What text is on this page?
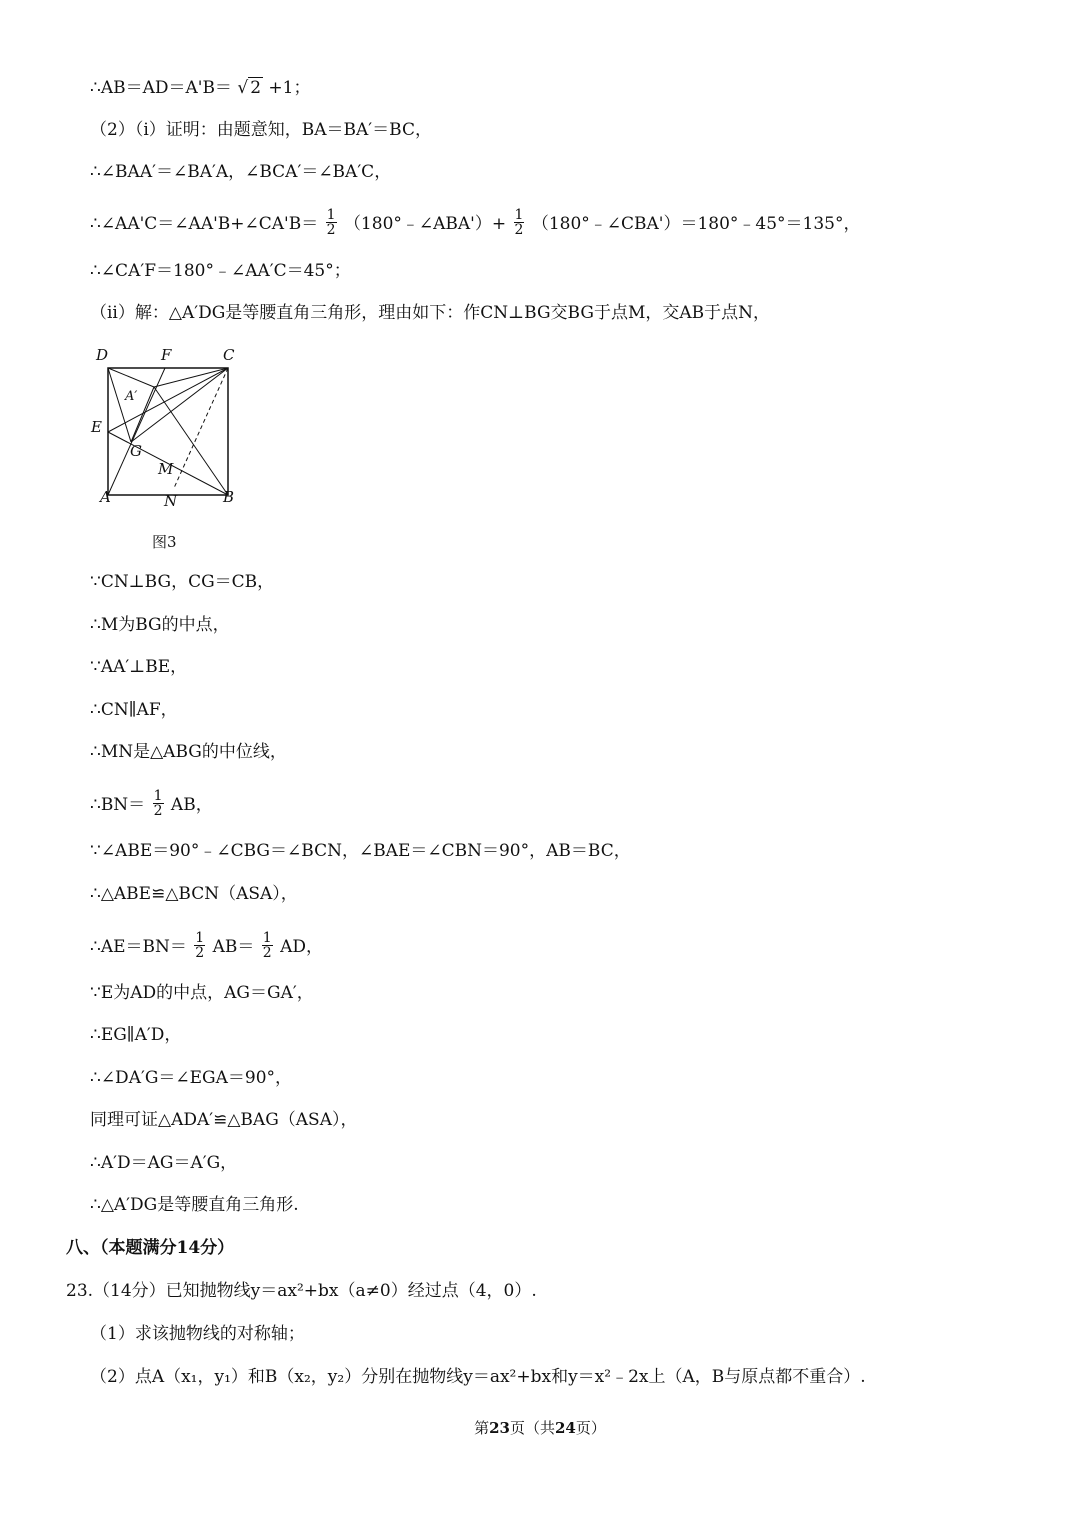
∴AB＝AD＝A'B＝ √ 2 +1；
（2）（i）证明：由题意知，BA＝BA′＝BC，
∴∠BAA′＝∠BA′A，∠BCA′＝∠BA′C，
∴∠AA'C＝∠AA'B+∠CA'B＝ $\frac{1}{2}$ （180°﹣∠ABA'）+ $\frac{1}{2}$ （180°﹣∠CBA'）＝180°﹣45°＝135°，
∴∠CA′F＝180°﹣∠AA′C＝45°；
（ii）解：△A′DG是等腰直角三角形，理由如下：作CN⊥BG交BG于点M，交AB于点N，
D	F	C
A′
E
G
M
A	N	B
图3
∵CN⊥BG，CG＝CB，
∴M为BG的中点，
∵AA′⊥BE，
∴CN∥AF，
∴MN是△ABG的中位线，
∴BN＝ $\frac{1}{2}$ AB，
∵∠ABE＝90°﹣∠CBG＝∠BCN，∠BAE＝∠CBN＝90°，AB＝BC，
∴△ABE≌△BCN（ASA），
∴AE＝BN＝ $\frac{1}{2} AB= \frac{1}{2}$ AD，
∵E为AD的中点，AG＝GA′，
∴EG∥A′D，
∴∠DA′G＝∠EGA＝90°，
同理可证△ADA′≌△BAG（ASA），
∴A′D＝AG＝A′G，
∴△A′DG是等腰直角三角形.
八、（本题满分14分）
23.（14分）已知抛物线y＝ax²+bx（a≠0）经过点（4，0）.
（1）求该抛物线的对称轴；
（2）点A（x₁，y₁）和B（x₂，y₂）分别在抛物线y＝ax²+bx和y＝x²﹣2x上（A，B与原点都不重合）.
第23页（共24页）
